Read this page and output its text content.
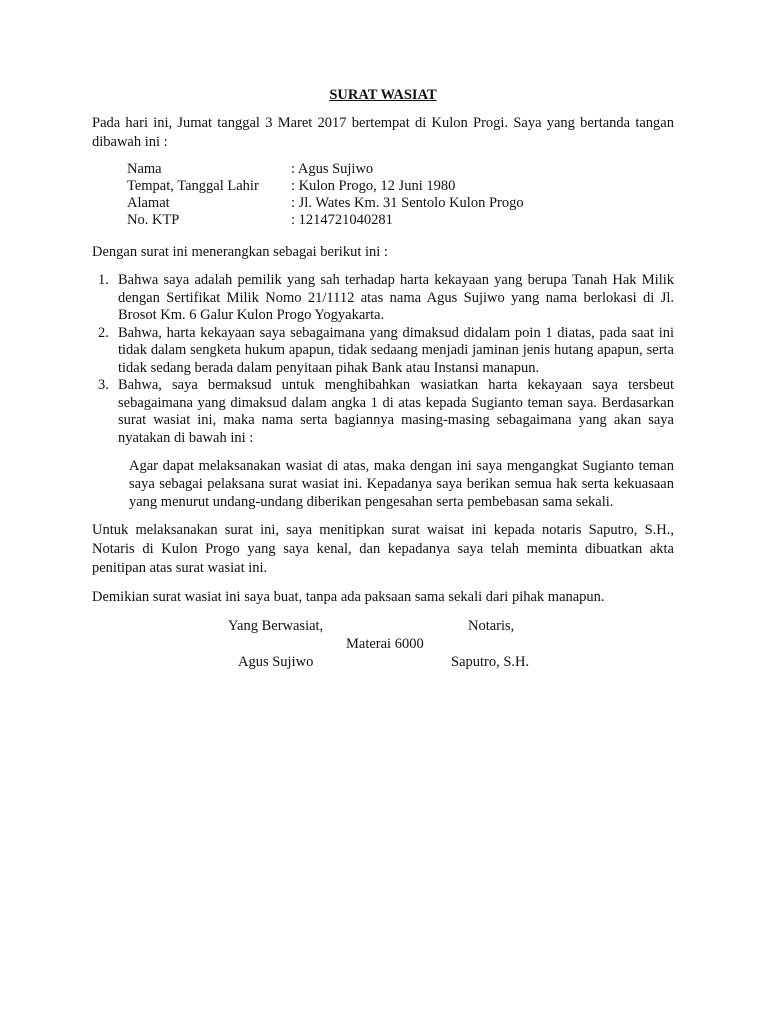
SURAT WASIAT

Pada hari ini, Jumat tanggal 3 Maret 2017 bertempat di Kulon Progi. Saya yang bertanda tangan dibawah ini :

Nama	: Agus Sujiwo
Tempat, Tanggal Lahir	: Kulon Progo, 12 Juni 1980
Alamat	: Jl. Wates Km. 31 Sentolo Kulon Progo
No. KTP	: 1214721040281

Dengan surat ini menerangkan sebagai berikut ini :

1. Bahwa saya adalah pemilik yang sah terhadap harta kekayaan yang berupa Tanah Hak Milik dengan Sertifikat Milik Nomo 21/1112 atas nama Agus Sujiwo yang nama berlokasi di Jl. Brosot Km. 6 Galur Kulon Progo Yogyakarta.
2. Bahwa, harta kekayaan saya sebagaimana yang dimaksud didalam poin 1 diatas, pada saat ini tidak dalam sengketa hukum apapun, tidak sedaang menjadi jaminan jenis hutang apapun, serta tidak sedang berada dalam penyitaan pihak Bank atau Instansi manapun.
3. Bahwa, saya bermaksud untuk menghibahkan wasiatkan harta kekayaan saya tersbeut sebagaimana yang dimaksud dalam angka 1 di atas kepada Sugianto teman saya. Berdasarkan surat wasiat ini, maka nama serta bagiannya masing-masing sebagaimana yang akan saya nyatakan di bawah ini :

Agar dapat melaksanakan wasiat di atas, maka dengan ini saya mengangkat Sugianto teman saya sebagai pelaksana surat wasiat ini. Kepadanya saya berikan semua hak serta kekuasaan yang menurut undang-undang diberikan pengesahan serta pembebasan sama sekali.

Untuk melaksanakan surat ini, saya menitipkan surat waisat ini kepada notaris Saputro, S.H., Notaris di Kulon Progo yang saya kenal, dan kepadanya saya telah meminta dibuatkan akta penitipan atas surat wasiat ini.

Demikian surat wasiat ini saya buat, tanpa ada paksaan sama sekali dari pihak manapun.

Yang Berwasiat,	Notaris,
Materai 6000
Agus Sujiwo	Saputro, S.H.
